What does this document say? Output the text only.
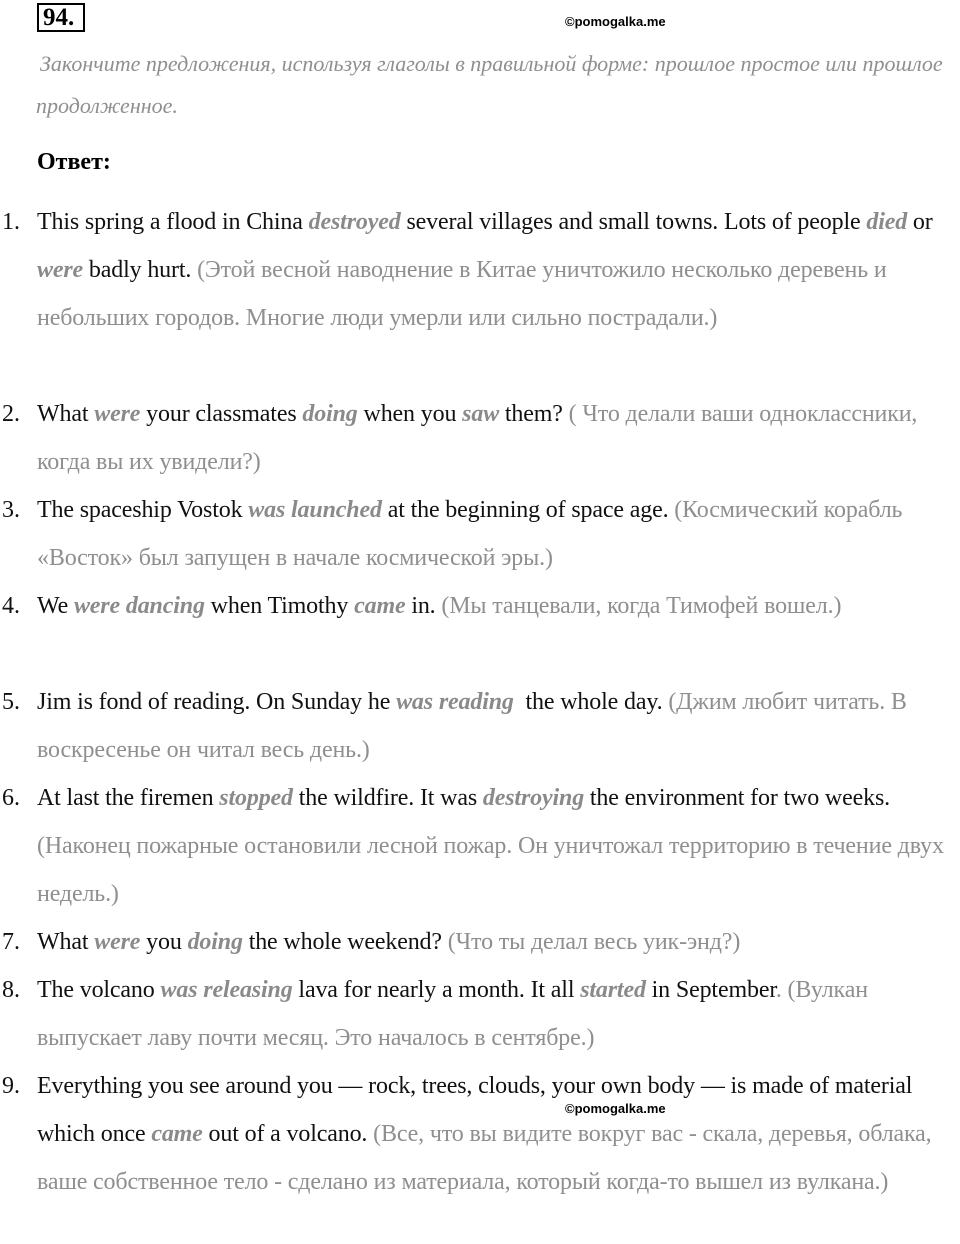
94.	©pomogalka.me
Закончите предложения, используя глаголы в правильной форме: прошлое простое или прошлое продолженное.
Ответ:
1. This spring a flood in China destroyed several villages and small towns. Lots of people died or were badly hurt. (Этой весной наводнение в Китае уничтожило несколько деревень и небольших городов. Многие люди умерли или сильно пострадали.)
2. What were your classmates doing when you saw them? ( Что делали ваши одноклассники, когда вы их увидели?)
3. The spaceship Vostok was launched at the beginning of space age. (Космический корабль «Восток» был запущен в начале космической эры.)
4. We were dancing when Timothy came in. (Мы танцевали, когда Тимофей вошел.)
5. Jim is fond of reading. On Sunday he was reading  the whole day. (Джим любит читать. В воскресенье он читал весь день.)
6. At last the firemen stopped the wildfire. It was destroying the environment for two weeks. (Наконец пожарные остановили лесной пожар. Он уничтожал территорию в течение двух недель.)
7. What were you doing the whole weekend? (Что ты делал весь уик-энд?)
8. The volcano was releasing lava for nearly a month. It all started in September. (Вулкан выпускает лаву почти месяц. Это началось в сентябре.)
9. Everything you see around you — rock, trees, clouds, your own body — is made of material which once came out of a volcano. (Все, что вы видите вокруг вас - скала, деревья, облака, ваше собственное тело - сделано из материала, который когда-то вышел из вулкана.)
©pomogalka.me
